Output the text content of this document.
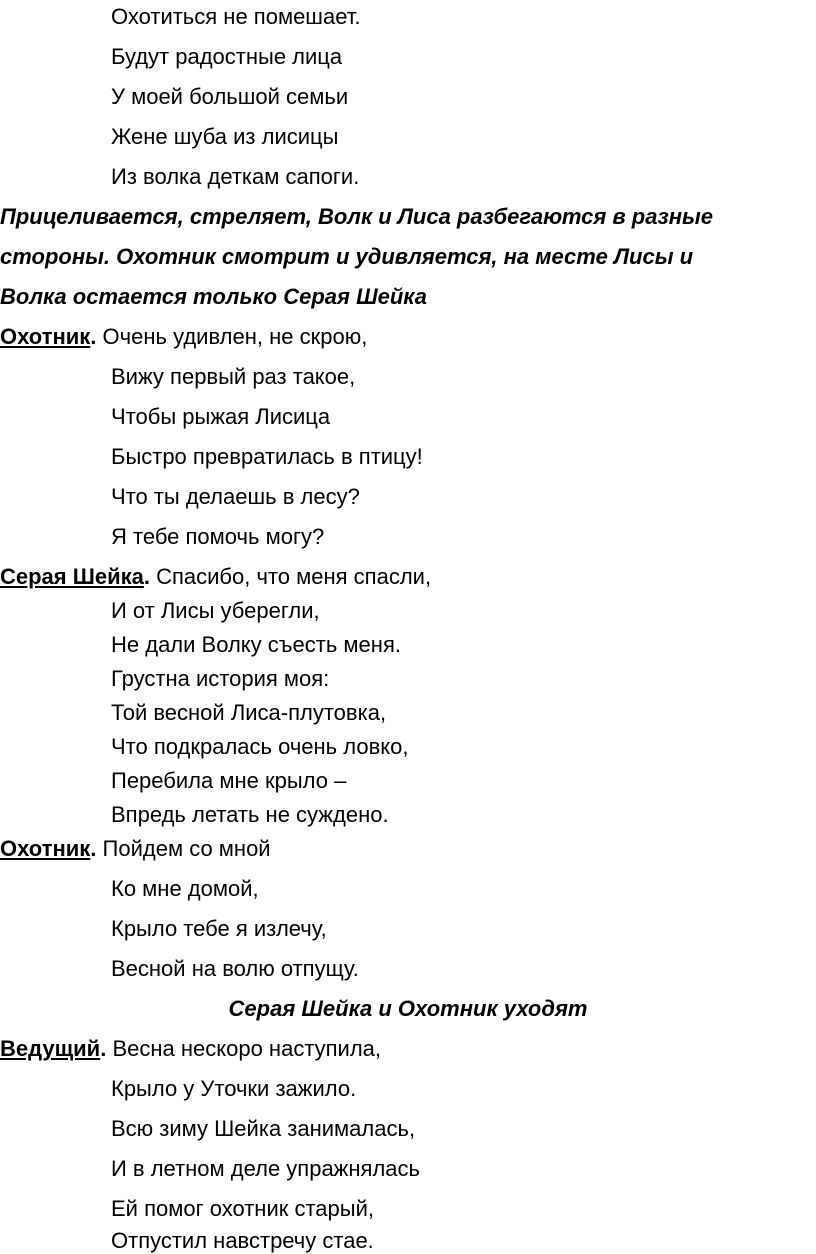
Охотиться не помешает.
Будут радостные лица
У моей большой семьи
Жене шуба из лисицы
Из волка деткам сапоги.
Прицеливается, стреляет, Волк и Лиса разбегаются в разные
стороны. Охотник смотрит и удивляется, на месте Лисы и
Волка остается только Серая Шейка
Охотник. Очень удивлен, не скрою,
Вижу первый раз такое,
Чтобы рыжая Лисица
Быстро превратилась в птицу!
Что ты делаешь в лесу?
Я тебе помочь могу?
Серая Шейка. Спасибо, что меня спасли,
И от Лисы уберегли,
Не дали Волку съесть меня.
Грустна история моя:
Той весной Лиса-плутовка,
Что подкралась очень ловко,
Перебила мне крыло –
Впредь летать не суждено.
Охотник. Пойдем со мной
Ко мне домой,
Крыло тебе я излечу,
Весной на волю отпущу.
Серая Шейка и Охотник уходят
Ведущий. Весна нескоро наступила,
Крыло у Уточки зажило.
Всю зиму Шейка занималась,
И в летном деле упражнялась
Ей помог охотник старый,
Отпустил навстречу стае.
